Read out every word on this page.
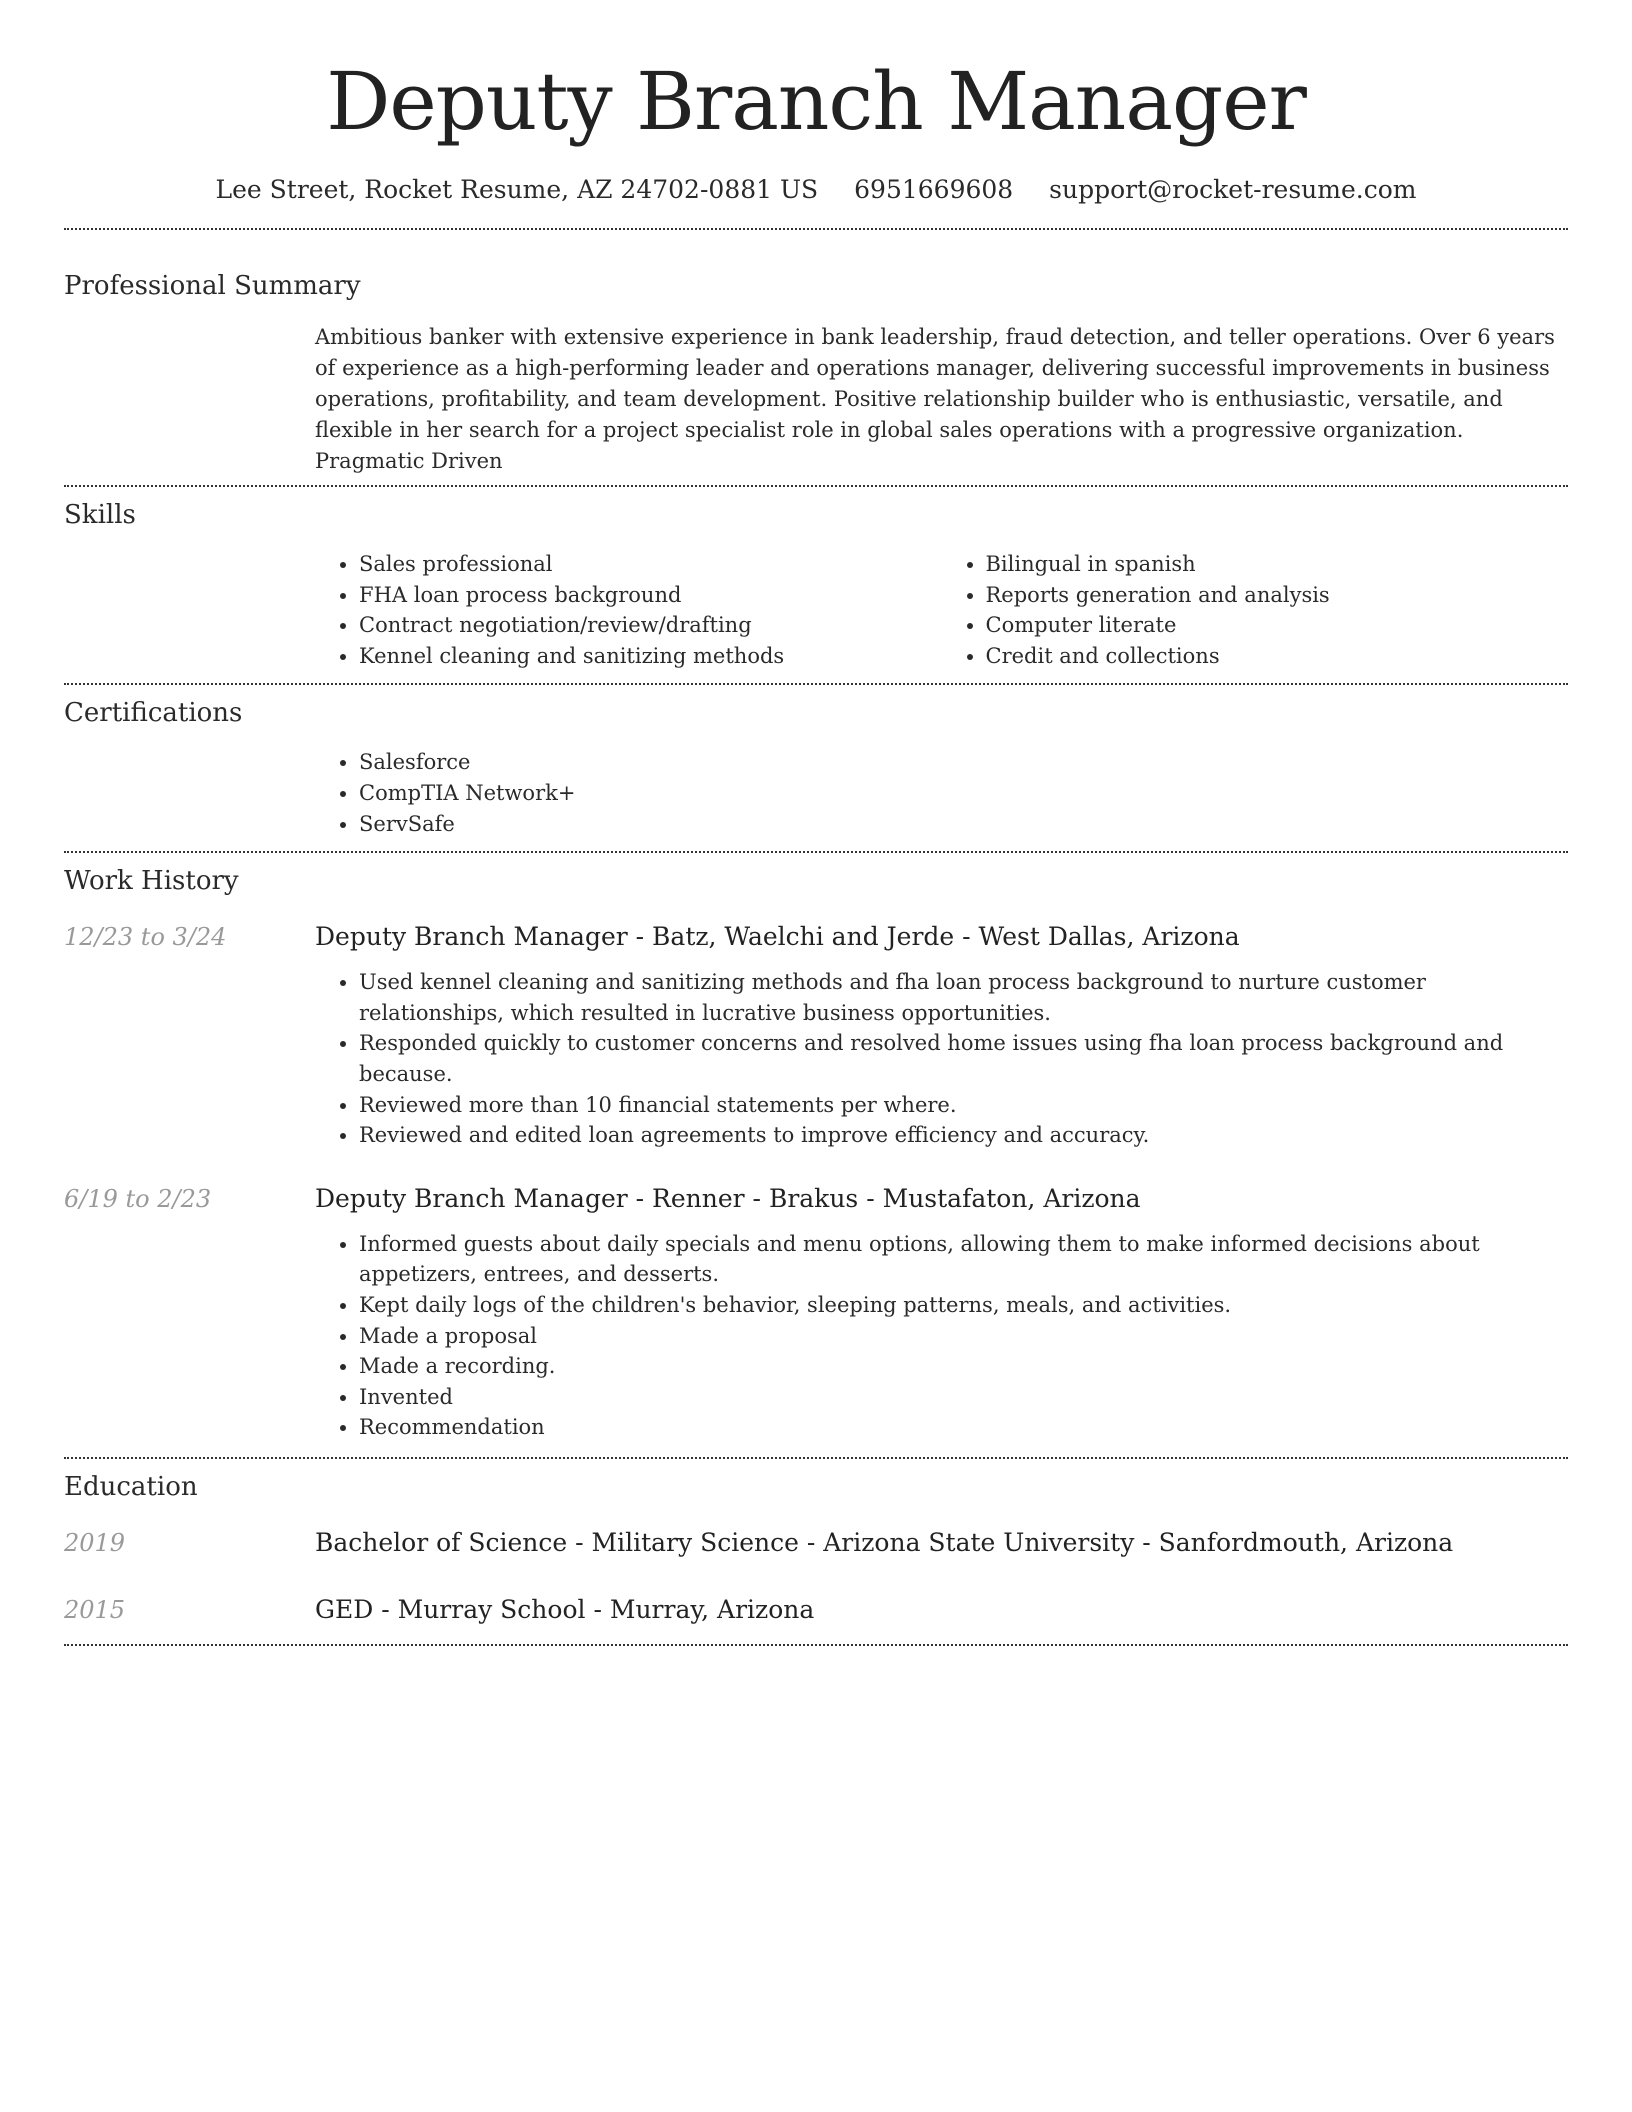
Deputy Branch Manager
Lee Street, Rocket Resume, AZ 24702-0881 US 6951669608 support@rocket-resume.com
Professional Summary
Ambitious banker with extensive experience in bank leadership, fraud detection, and teller operations. Over 6 years of experience as a high-performing leader and operations manager, delivering successful improvements in business operations, profitability, and team development. Positive relationship builder who is enthusiastic, versatile, and flexible in her search for a project specialist role in global sales operations with a progressive organization. Pragmatic Driven
Skills
• Sales professional
• FHA loan process background
• Contract negotiation/review/drafting
• Kennel cleaning and sanitizing methods
• Bilingual in spanish
• Reports generation and analysis
• Computer literate
• Credit and collections
Certifications
• Salesforce
• CompTIA Network+
• ServSafe
Work History
12/23 to 3/24	Deputy Branch Manager - Batz, Waelchi and Jerde - West Dallas, Arizona
• Used kennel cleaning and sanitizing methods and fha loan process background to nurture customer relationships, which resulted in lucrative business opportunities.
• Responded quickly to customer concerns and resolved home issues using fha loan process background and because.
• Reviewed more than 10 financial statements per where.
• Reviewed and edited loan agreements to improve efficiency and accuracy.
6/19 to 2/23	Deputy Branch Manager - Renner - Brakus - Mustafaton, Arizona
• Informed guests about daily specials and menu options, allowing them to make informed decisions about appetizers, entrees, and desserts.
• Kept daily logs of the children's behavior, sleeping patterns, meals, and activities.
• Made a proposal
• Made a recording.
• Invented
• Recommendation
Education
2019	Bachelor of Science - Military Science - Arizona State University - Sanfordmouth, Arizona
2015	GED - Murray School - Murray, Arizona
